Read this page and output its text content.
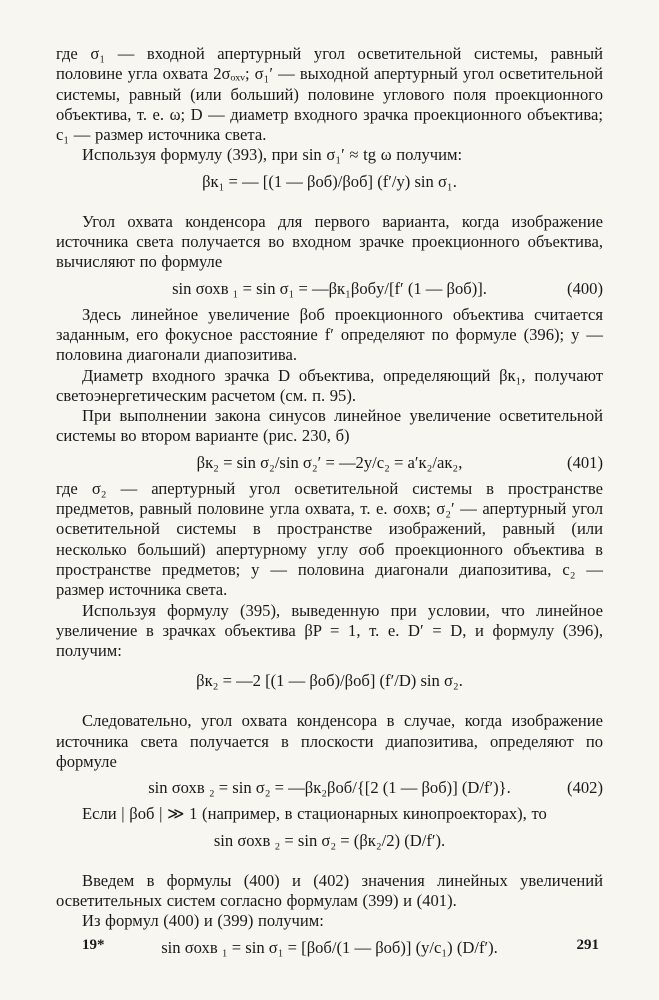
где σ₁ — входной апертурный угол осветительной системы, равный половине угла охвата 2σₒₓᵥ; σ₁′ — выходной апертурный угол осветительной системы, равный (или больший) половине углового поля проекционного объектива, т. е. ω; D — диаметр входного зрачка проекционного объектива; c₁ — размер источника света.

Используя формулу (393), при sin σ₁′ ≈ tg ω получим:

βк₁ = — [(1 — βоб)/βоб] (f′/y) sin σ₁.

Угол охвата конденсора для первого варианта, когда изображение источника света получается во входном зрачке проекционного объектива, вычисляют по формуле

sin σохв ₁ = sin σ₁ = —βк₁βобy/[f′ (1 — βоб)].	(400)

Здесь линейное увеличение βоб проекционного объектива считается заданным, его фокусное расстояние f′ определяют по формуле (396); y — половина диагонали диапозитива.

Диаметр входного зрачка D объектива, определяющий βк₁, получают светоэнергетическим расчетом (см. п. 95).

При выполнении закона синусов линейное увеличение осветительной системы во втором варианте (рис. 230, б)

βк₂ = sin σ₂/sin σ₂′ = —2y/c₂ = a′к₂/aк₂,	(401)

где σ₂ — апертурный угол осветительной системы в пространстве предметов, равный половине угла охвата, т. е. σохв; σ₂′ — апертурный угол осветительной системы в пространстве изображений, равный (или несколько больший) апертурному углу σоб проекционного объектива в пространстве предметов; y — половина диагонали диапозитива, c₂ — размер источника света.

Используя формулу (395), выведенную при условии, что линейное увеличение в зрачках объектива βP = 1, т. е. D′ = D, и формулу (396), получим:

βк₂ = —2 [(1 — βоб)/βоб] (f′/D) sin σ₂.

Следовательно, угол охвата конденсора в случае, когда изображение источника света получается в плоскости диапозитива, определяют по формуле

sin σохв ₂ = sin σ₂ = —βк₂βоб/{[2 (1 — βоб)] (D/f′)}.	(402)

Если | βоб | ≫ 1 (например, в стационарных кинопроекторах), то

sin σохв ₂ = sin σ₂ = (βк₂/2) (D/f′).

Введем в формулы (400) и (402) значения линейных увеличений осветительных систем согласно формулам (399) и (401).

Из формул (400) и (399) получим:

sin σохв ₁ = sin σ₁ = [βоб/(1 — βоб)] (y/c₁) (D/f′).
19*	291
